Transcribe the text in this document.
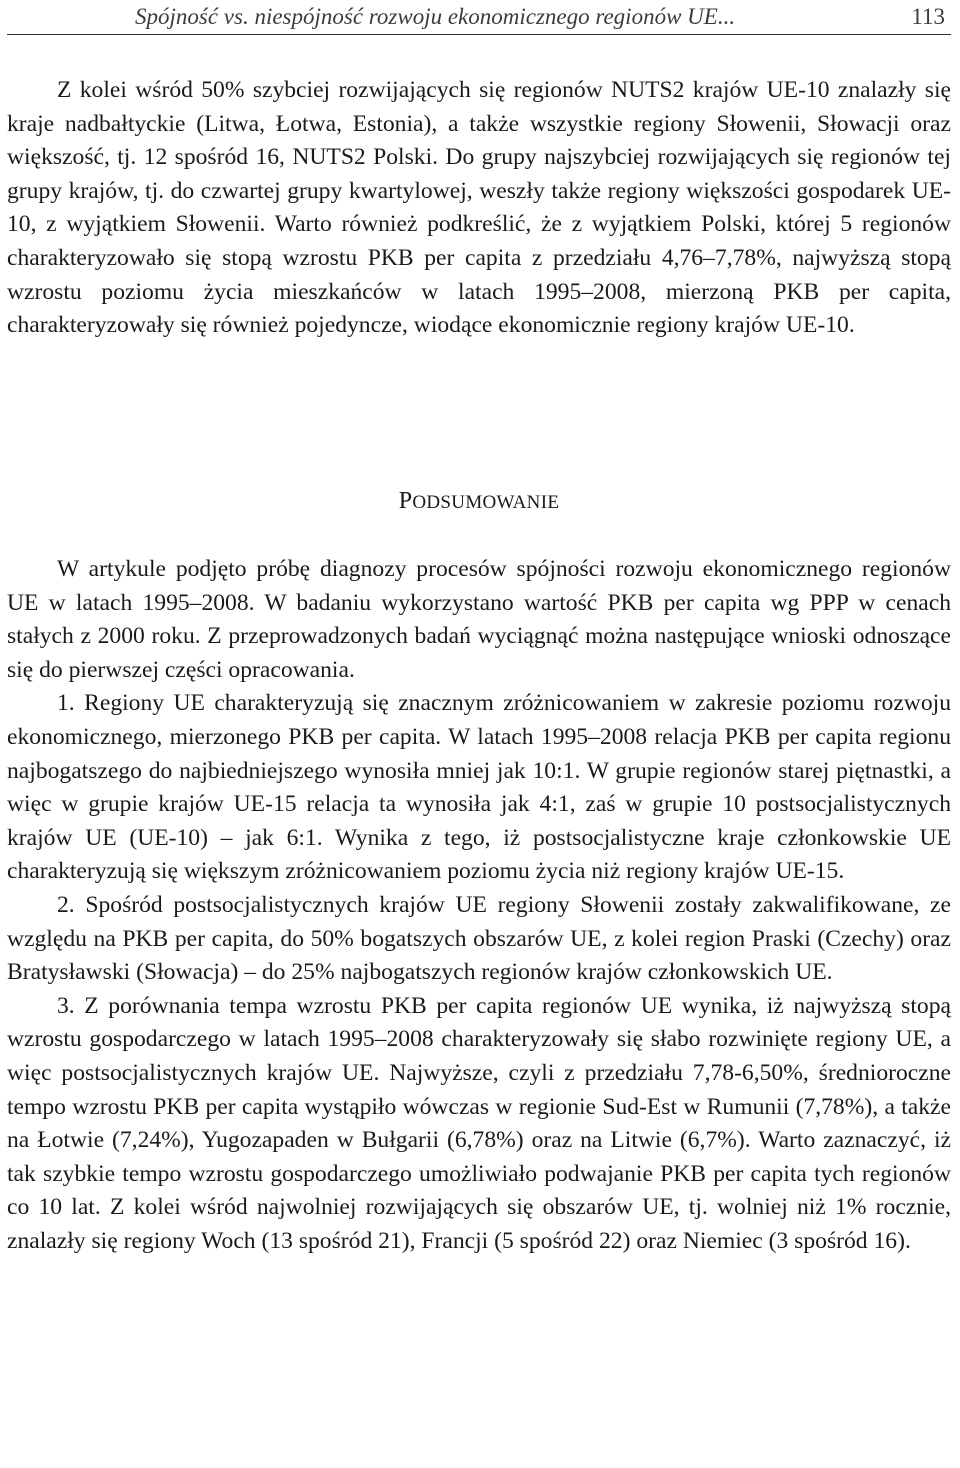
Spójność vs. niespójność rozwoju ekonomicznego regionów UE...	113

Z kolei wśród 50% szybciej rozwijających się regionów NUTS2 krajów UE-10 znalazły się kraje nadbałtyckie (Litwa, Łotwa, Estonia), a także wszystkie regiony Słowenii, Słowacji oraz większość, tj. 12 spośród 16, NUTS2 Polski. Do grupy najszybciej rozwijających się regionów tej grupy krajów, tj. do czwartej grupy kwartylowej, weszły także regiony większości gospodarek UE-10, z wyjątkiem Słowenii. Warto również podkreślić, że z wyjątkiem Polski, której 5 regionów charakteryzowało się stopą wzrostu PKB per capita z przedziału 4,76–7,78%, najwyższą stopą wzrostu poziomu życia mieszkańców w latach 1995–2008, mierzoną PKB per capita, charakteryzowały się również pojedyncze, wiodące ekonomicznie regiony krajów UE-10.

PODSUMOWANIE

W artykule podjęto próbę diagnozy procesów spójności rozwoju ekonomicznego regionów UE w latach 1995–2008. W badaniu wykorzystano wartość PKB per capita wg PPP w cenach stałych z 2000 roku. Z przeprowadzonych badań wyciągnąć można następujące wnioski odnoszące się do pierwszej części opracowania.

1. Regiony UE charakteryzują się znacznym zróżnicowaniem w zakresie poziomu rozwoju ekonomicznego, mierzonego PKB per capita. W latach 1995–2008 relacja PKB per capita regionu najbogatszego do najbiedniejszego wynosiła mniej jak 10:1. W grupie regionów starej piętnastki, a więc w grupie krajów UE-15 relacja ta wynosiła jak 4:1, zaś w grupie 10 postsocjalistycznych krajów UE (UE-10) – jak 6:1. Wynika z tego, iż postsocjalistyczne kraje członkowskie UE charakteryzują się większym zróżnicowaniem poziomu życia niż regiony krajów UE-15.

2. Spośród postsocjalistycznych krajów UE regiony Słowenii zostały zakwalifikowane, ze względu na PKB per capita, do 50% bogatszych obszarów UE, z kolei region Praski (Czechy) oraz Bratysławski (Słowacja) – do 25% najbogatszych regionów krajów członkowskich UE.

3. Z porównania tempa wzrostu PKB per capita regionów UE wynika, iż najwyższą stopą wzrostu gospodarczego w latach 1995–2008 charakteryzowały się słabo rozwinięte regiony UE, a więc postsocjalistycznych krajów UE. Najwyższe, czyli z przedziału 7,78-6,50%, średnioroczne tempo wzrostu PKB per capita wystąpiło wówczas w regionie Sud-Est w Rumunii (7,78%), a także na Łotwie (7,24%), Yugozapaden w Bułgarii (6,78%) oraz na Litwie (6,7%). Warto zaznaczyć, iż tak szybkie tempo wzrostu gospodarczego umożliwiało podwajanie PKB per capita tych regionów co 10 lat. Z kolei wśród najwolniej rozwijających się obszarów UE, tj. wolniej niż 1% rocznie, znalazły się regiony Woch (13 spośród 21), Francji (5 spośród 22) oraz Niemiec (3 spośród 16).
